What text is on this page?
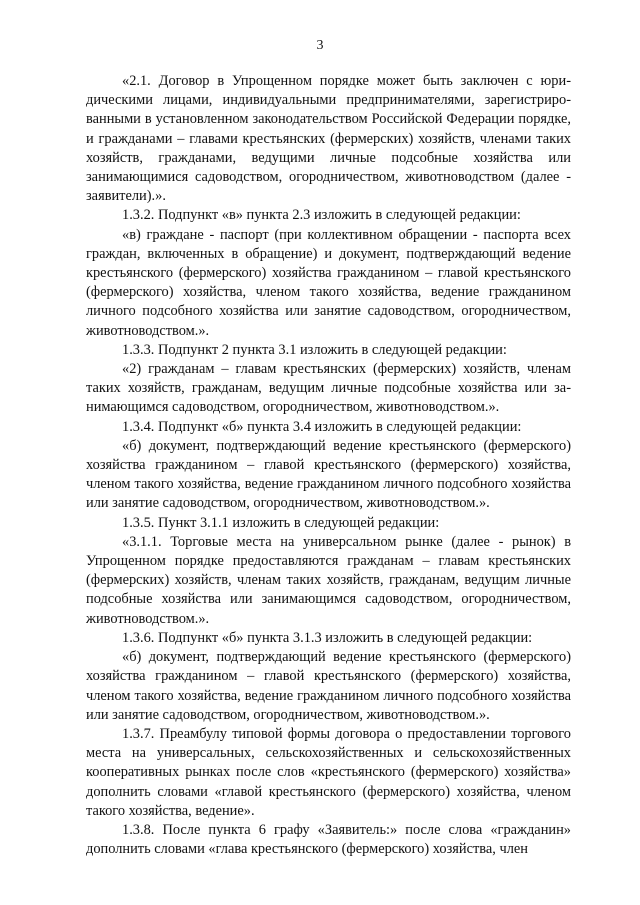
3

«2.1. Договор в Упрощенном порядке может быть заключен с юридическими лицами, индивидуальными предпринимателями, зарегистрированными в установленном законодательством Российской Федерации порядке, и гражданами – главами крестьянских (фермерских) хозяйств, членами таких хозяйств, гражданами, ведущими личные подсобные хозяйства или занимающимися садоводством, огородничеством, животноводством (далее - заявители).».

1.3.2. Подпункт «в» пункта 2.3 изложить в следующей редакции:

«в) граждане - паспорт (при коллективном обращении - паспорта всех граждан, включенных в обращение) и документ, подтверждающий ведение крестьянского (фермерского) хозяйства гражданином – главой крестьянского (фермерского) хозяйства, членом такого хозяйства, ведение гражданином личного подсобного хозяйства или занятие садоводством, огородничеством, животноводством.».

1.3.3. Подпункт 2 пункта 3.1 изложить в следующей редакции:

«2) гражданам – главам крестьянских (фермерских) хозяйств, членам таких хозяйств, гражданам, ведущим личные подсобные хозяйства или занимающимся садоводством, огородничеством, животноводством.».

1.3.4. Подпункт «б» пункта 3.4 изложить в следующей редакции:

«б) документ, подтверждающий ведение крестьянского (фермерского) хозяйства гражданином – главой крестьянского (фермерского) хозяйства, членом такого хозяйства, ведение гражданином личного подсобного хозяйства или занятие садоводством, огородничеством, животноводством.».

1.3.5. Пункт 3.1.1 изложить в следующей редакции:

«3.1.1. Торговые места на универсальном рынке (далее - рынок) в Упрощенном порядке предоставляются гражданам – главам крестьянских (фермерских) хозяйств, членам таких хозяйств, гражданам, ведущим личные подсобные хозяйства или занимающимся садоводством, огородничеством, животноводством.».

1.3.6. Подпункт «б» пункта 3.1.3 изложить в следующей редакции:

«б) документ, подтверждающий ведение крестьянского (фермерского) хозяйства гражданином – главой крестьянского (фермерского) хозяйства, членом такого хозяйства, ведение гражданином личного подсобного хозяйства или занятие садоводством, огородничеством, животноводством.».

1.3.7. Преамбулу типовой формы договора о предоставлении торгового места на универсальных, сельскохозяйственных и сельскохозяйственных кооперативных рынках после слов «крестьянского (фермерского) хозяйства» дополнить словами «главой крестьянского (фермерского) хозяйства, членом такого хозяйства, ведение».

1.3.8. После пункта 6 графу «Заявитель:» после слова «гражданин» дополнить словами «глава крестьянского (фермерского) хозяйства, член
